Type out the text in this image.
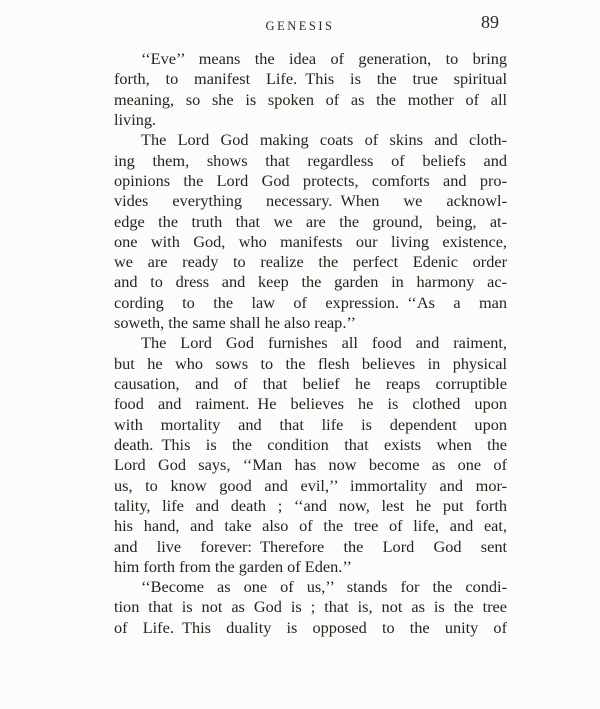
GENESIS	89
‘‘Eve’’ means the idea of generation, to bring
forth, to manifest Life. This is the true spiritual
meaning, so she is spoken of as the mother of all
living.
The Lord God making coats of skins and cloth-
ing them, shows that regardless of beliefs and
opinions the Lord God protects, comforts and pro-
vides everything necessary. When we acknowl-
edge the truth that we are the ground, being, at-
one with God, who manifests our living existence,
we are ready to realize the perfect Edenic order
and to dress and keep the garden in harmony ac-
cording to the law of expression. ‘‘As a man
soweth, the same shall he also reap.’’
The Lord God furnishes all food and raiment,
but he who sows to the flesh believes in physical
causation, and of that belief he reaps corruptible
food and raiment. He believes he is clothed upon
with mortality and that life is dependent upon
death. This is the condition that exists when the
Lord God says, ‘‘Man has now become as one of
us, to know good and evil,’’ immortality and mor-
tality, life and death ; ‘‘and now, lest he put forth
his hand, and take also of the tree of life, and eat,
and live forever: Therefore the Lord God sent
him forth from the garden of Eden.’’
‘‘Become as one of us,’’ stands for the condi-
tion that is not as God is ; that is, not as is the tree
of Life. This duality is opposed to the unity of
